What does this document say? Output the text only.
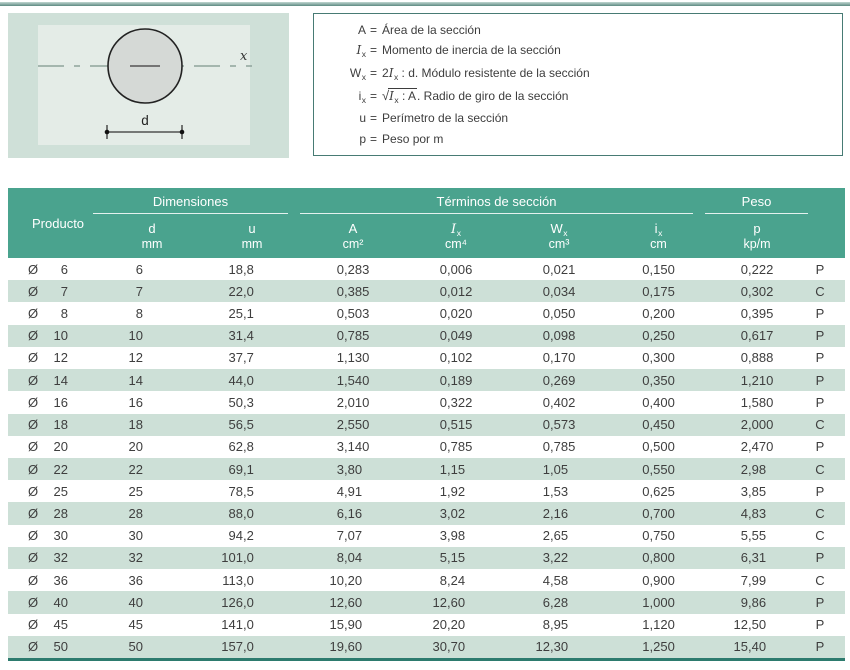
x
d
A = Área de la sección
$I_x$ = Momento de inercia de la sección
$W_x = 2I_x$ : d. Módulo resistente de la sección
$i_x = √I_x$ : A. Radio de giro de la sección
u = Perímetro de la sección
p = Peso por m
Producto
Dimensiones	Términos de sección	Peso
d	u	A	$I_x$	$W_x$	$i_x$	p
mm	mm	cm²	cm⁴	cm³	cm	kp/m
Ø	6	6	18 ,8	0 ,283	0 ,006	0 ,021	0 ,150	0 ,222	P
Ø	7	7	22 ,0	0 ,385	0 ,012	0 ,034	0 ,175	0 ,302	C
Ø	8	8	25 ,1	0 ,503	0 ,020	0 ,050	0 ,200	0 ,395	P
Ø	10	10	31 ,4	0 ,785	0 ,049	0 ,098	0 ,250	0 ,617	P
Ø	12	12	37 ,7	1 ,130	0 ,102	0 ,170	0 ,300	0 ,888	P
Ø	14	14	44 ,0	1 ,540	0 ,189	0 ,269	0 ,350	1 ,210	P
Ø	16	16	50 ,3	2 ,010	0 ,322	0 ,402	0 ,400	1 ,580	P
Ø	18	18	56 ,5	2 ,550	0 ,515	0 ,573	0 ,450	2 ,000	C
Ø	20	20	62 ,8	3 ,140	0 ,785	0 ,785	0 ,500	2 ,470	P
Ø	22	22	69 ,1	3 ,80	1 ,15	1 ,05	0 ,550	2 ,98	C
Ø	25	25	78 ,5	4 ,91	1 ,92	1 ,53	0 ,625	3 ,85	P
Ø	28	28	88 ,0	6 ,16	3 ,02	2 ,16	0 ,700	4 ,83	C
Ø	30	30	94 ,2	7 ,07	3 ,98	2 ,65	0 ,750	5 ,55	C
Ø	32	32	101 ,0	8 ,04	5 ,15	3 ,22	0 ,800	6 ,31	P
Ø	36	36	113 ,0	10 ,20	8 ,24	4 ,58	0 ,900	7 ,99	C
Ø	40	40	126 ,0	12 ,60	12 ,60	6 ,28	1 ,000	9 ,86	P
Ø	45	45	141 ,0	15 ,90	20 ,20	8 ,95	1 ,120	12 ,50	P
Ø	50	50	157 ,0	19 ,60	30 ,70	12 ,30	1 ,250	15 ,40	P
